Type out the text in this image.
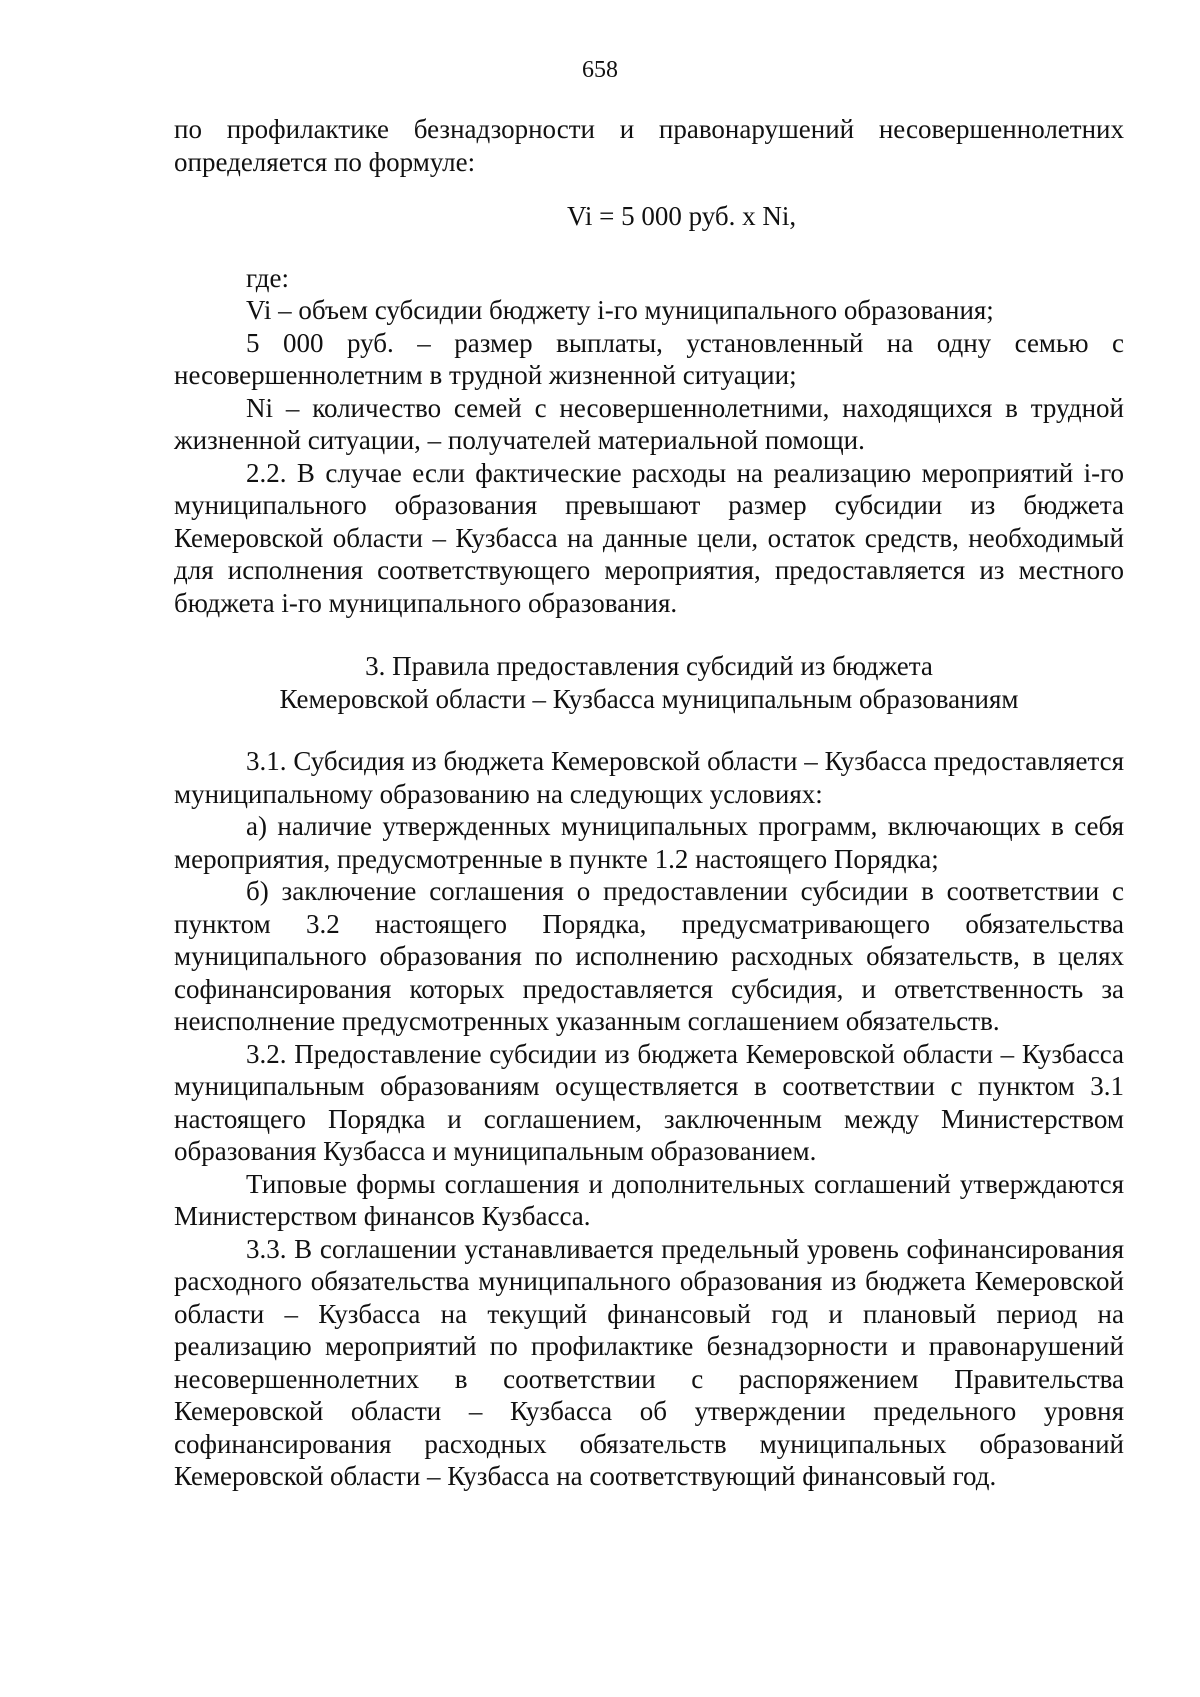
658

по профилактике безнадзорности и правонарушений несовершеннолетних определяется по формуле:

Vi = 5 000 руб. x Ni,

где:

Vi – объем субсидии бюджету i-го муниципального образования;

5 000 руб. – размер выплаты, установленный на одну семью с несовершеннолетним в трудной жизненной ситуации;

Ni – количество семей с несовершеннолетними, находящихся в трудной жизненной ситуации, – получателей материальной помощи.

2.2. В случае если фактические расходы на реализацию мероприятий i-го муниципального образования превышают размер субсидии из бюджета Кемеровской области – Кузбасса на данные цели, остаток средств, необходимый для исполнения соответствующего мероприятия, предоставляется из местного бюджета i-го муниципального образования.

3. Правила предоставления субсидий из бюджета

Кемеровской области – Кузбасса муниципальным образованиям

3.1. Субсидия из бюджета Кемеровской области – Кузбасса предоставляется муниципальному образованию на следующих условиях:

а) наличие утвержденных муниципальных программ, включающих в себя мероприятия, предусмотренные в пункте 1.2 настоящего Порядка;

б) заключение соглашения о предоставлении субсидии в соответствии с пунктом 3.2 настоящего Порядка, предусматривающего обязательства муниципального образования по исполнению расходных обязательств, в целях софинансирования которых предоставляется субсидия, и ответственность за неисполнение предусмотренных указанным соглашением обязательств.

3.2. Предоставление субсидии из бюджета Кемеровской области – Кузбасса муниципальным образованиям осуществляется в соответствии с пунктом 3.1 настоящего Порядка и соглашением, заключенным между Министерством образования Кузбасса и муниципальным образованием.

Типовые формы соглашения и дополнительных соглашений утверждаются Министерством финансов Кузбасса.

3.3. В соглашении устанавливается предельный уровень софинансирования расходного обязательства муниципального образования из бюджета Кемеровской области – Кузбасса на текущий финансовый год и плановый период на реализацию мероприятий по профилактике безнадзорности и правонарушений несовершеннолетних в соответствии с распоряжением Правительства Кемеровской области – Кузбасса об утверждении предельного уровня софинансирования расходных обязательств муниципальных образований Кемеровской области – Кузбасса на соответствующий финансовый год.
